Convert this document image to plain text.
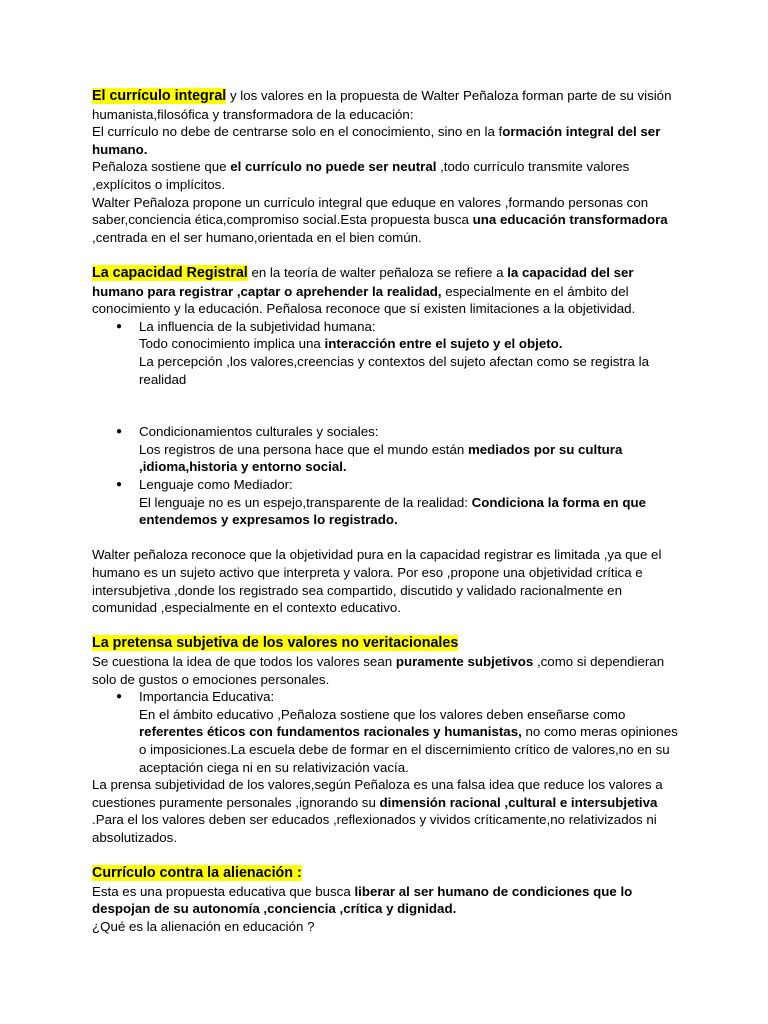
El currículo integral y los valores en la propuesta de Walter Peñaloza forman parte de su visión humanista,filosófica y transformadora de la educación:

El currículo no debe de centrarse solo en el conocimiento, sino en la formación integral del ser humano.

Peñaloza sostiene que el currículo no puede ser neutral ,todo currículo transmite valores ,explícitos o implícitos.

Walter Peñaloza propone un currículo integral que eduque en valores ,formando personas con saber,conciencia ética,compromiso social.Esta propuesta busca una educación transformadora ,centrada en el ser humano,orientada en el bien común.

La capacidad Registral en la teoría de walter peñaloza se refiere a la capacidad del ser humano para registrar ,captar o aprehender la realidad, especialmente en el ámbito del conocimiento y la educación. Peñalosa reconoce que sí existen limitaciones a la objetividad.

● La influencia de la subjetividad humana:
Todo conocimiento implica una interacción entre el sujeto y el objeto.
La percepción ,los valores,creencias y contextos del sujeto afectan como se registra la realidad
● Condicionamientos culturales y sociales:
Los registros de una persona hace que el mundo están mediados por su cultura ,idioma,historia y entorno social.
● Lenguaje como Mediador:
El lenguaje no es un espejo,transparente de la realidad: Condiciona la forma en que entendemos y expresamos lo registrado.

Walter peñaloza reconoce que la objetividad pura en la capacidad registrar es limitada ,ya que el humano es un sujeto activo que interpreta y valora. Por eso ,propone una objetividad crítica e intersubjetiva ,donde los registrado sea compartido, discutido y validado racionalmente en comunidad ,especialmente en el contexto educativo.

La pretensa subjetiva de los valores no veritacionales

Se cuestiona la idea de que todos los valores sean puramente subjetivos ,como si dependieran solo de gustos o emociones personales.

● Importancia Educativa:
En el ámbito educativo ,Peñaloza sostiene que los valores deben enseñarse como referentes éticos con fundamentos racionales y humanistas, no como meras opiniones o imposiciones.La escuela debe de formar en el discernimiento crítico de valores,no en su aceptación ciega ni en su relativización vacía.

La prensa subjetividad de los valores,según Peñaloza es una falsa idea que reduce los valores a cuestiones puramente personales ,ignorando su dimensión racional ,cultural e intersubjetiva .Para el los valores deben ser educados ,reflexionados y vividos críticamente,no relativizados ni absolutizados.

Currículo contra la alienación :

Esta es una propuesta educativa que busca liberar al ser humano de condiciones que lo despojan de su autonomía ,conciencia ,crítica y dignidad.

¿Qué es la alienación en educación ?
